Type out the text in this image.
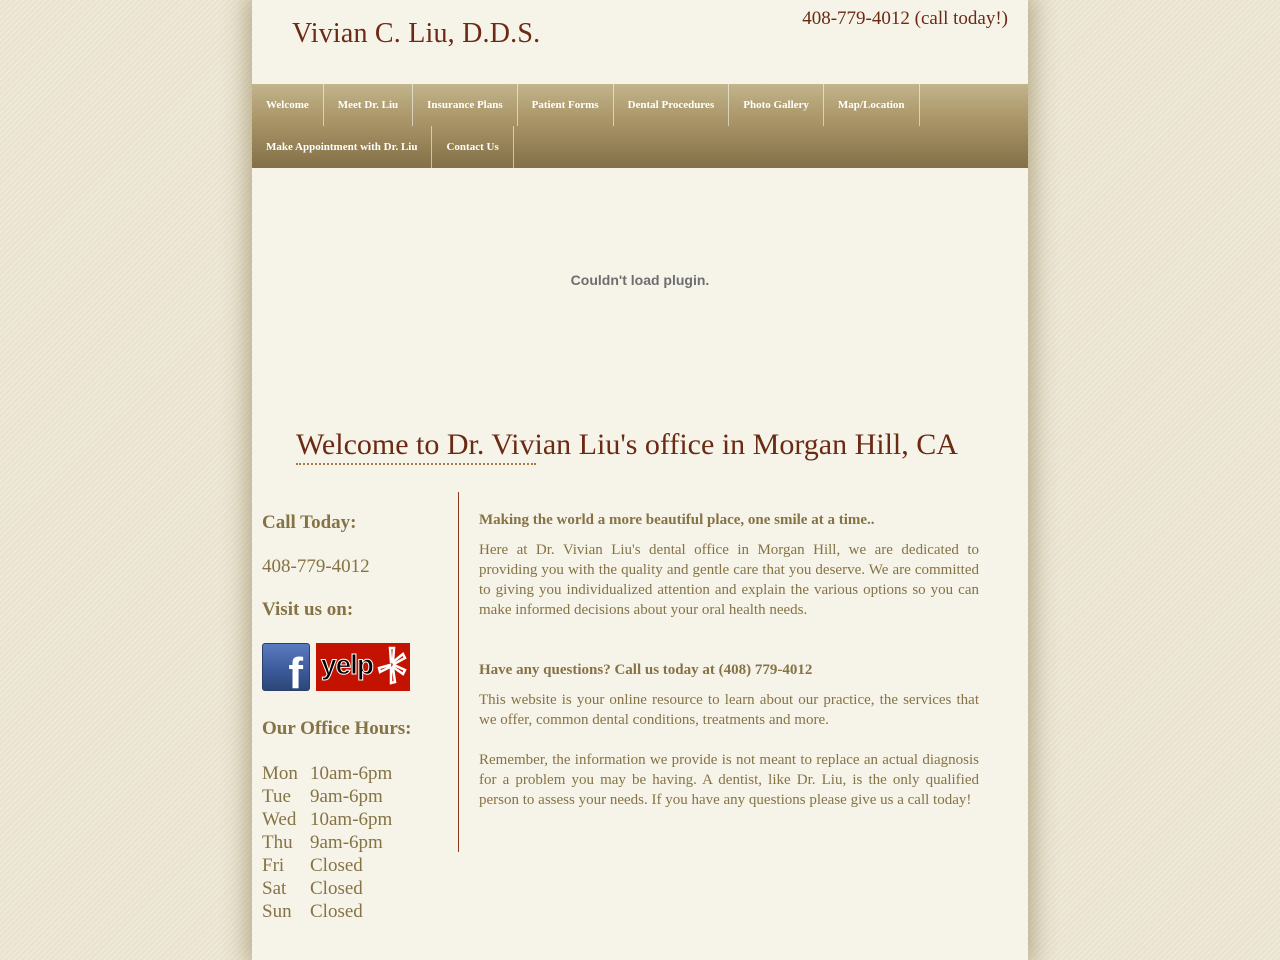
Vivian C. Liu, D.D.S.	408-779-4012 (call today!)
Welcome	Meet Dr. Liu	Insurance Plans	Patient Forms	Dental Procedures	Photo Gallery	Map/Location
Make Appointment with Dr. Liu	Contact Us
Couldn't load plugin.
Welcome to Dr. Vivian Liu's office in Morgan Hill, CA
Call Today:
408-779-4012
Visit us on:
f yelp
Our Office Hours:
Mon 10am-6pm
Tue	9am-6pm
Wed 10am-6pm
Thu 9am-6pm
Fri	Closed
Sat	Closed
Sun Closed

Making the world a more beautiful place, one smile at a time..

Here at Dr. Vivian Liu's dental office in Morgan Hill, we are dedicated to providing you with the quality and gentle care that you deserve. We are committed to giving you individualized attention and explain the various options so you can make informed decisions about your oral health needs.

Have any questions? Call us today at (408) 779-4012

This website is your online resource to learn about our practice, the services that we offer, common dental conditions, treatments and more.

Remember, the information we provide is not meant to replace an actual diagnosis for a problem you may be having. A dentist, like Dr. Liu, is the only qualified person to assess your needs. If you have any questions please give us a call today!
